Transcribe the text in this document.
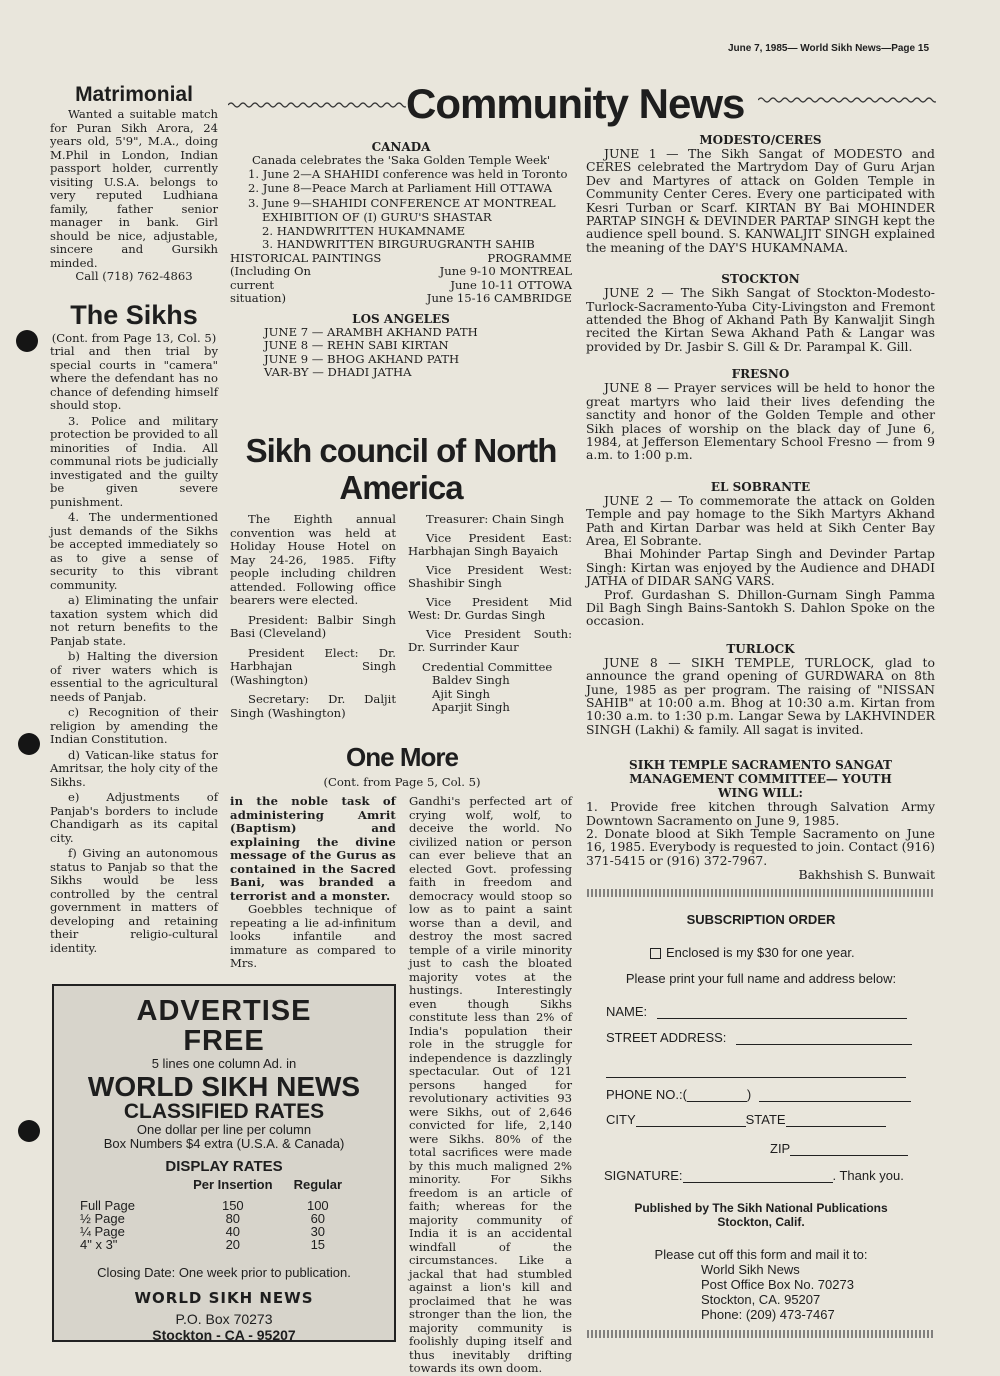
June 7, 1985— World Sikh News—Page 15
Community News
Matrimonial

Wanted a suitable match for Puran Sikh Arora, 24 years old, 5'9", M.A., doing M.Phil in London, Indian passport holder, currently visiting U.S.A. belongs to very reputed Ludhiana family, father senior manager in bank. Girl should be nice, adjustable, sincere and Gursikh minded.

Call (718) 762-4863

The Sikhs

(Cont. from Page 13, Col. 5)

trial and then trial by special courts in "camera" where the defendant has no chance of defending himself should stop.

3. Police and military protection be provided to all minorities of India. All communal riots be judicially investigated and the guilty be given severe punishment.

4. The undermentioned just demands of the Sikhs be accepted immediately so as to give a sense of security to this vibrant community.

a) Eliminating the unfair taxation system which did not return benefits to the Panjab state.

b) Halting the diversion of river waters which is essential to the agricultural needs of Panjab.

c) Recognition of their religion by amending the Indian Constitution.

d) Vatican-like status for Amritsar, the holy city of the Sikhs.

e) Adjustments of Panjab's borders to include Chandigarh as its capital city.

f) Giving an autonomous status to Panjab so that the Sikhs would be less controlled by the central government in matters of developing and retaining their religio-cultural identity.

CANADA

Canada celebrates the 'Saka Golden Temple Week'

1. June 2—A SHAHIDI conference was held in Toronto

2. June 8—Peace March at Parliament Hill OTTAWA

3. June 9—SHAHIDI CONFERENCE AT MONTREAL

EXHIBITION OF (I) GURU'S SHASTAR

2. HANDWRITTEN HUKAMNAME

3. HANDWRITTEN BIRGURUGRANTH SAHIB

HISTORICAL PAINTINGS	PROGRAMME
(Including On current situation)
June 9-10 MONTREAL
June 10-11 OTTOWA
June 15-16 CAMBRIDGE
LOS ANGELES
JUNE 7 — ARAMBH AKHAND PATH
JUNE 8 — REHN SABI KIRTAN
JUNE 9 — BHOG AKHAND PATH
VAR-BY — DHADI JATHA
Sikh council of North America

The Eighth annual convention was held at Holiday House Hotel on May 24-26, 1985. Fifty people including children attended. Following office bearers were elected.

President: Balbir Singh Basi (Cleveland)

President Elect: Dr. Harbhajan Singh (Washington)

Secretary: Dr. Daljit Singh (Washington)

Treasurer: Chain Singh

Vice President East: Harbhajan Singh Bayaich

Vice President West: Shashibir Singh

Vice President Mid West: Dr. Gurdas Singh

Vice President South: Dr. Surrinder Kaur

Credential Committee

Baldev Singh
Ajit Singh
Aparjit Singh
One More
(Cont. from Page 5, Col. 5)

in the noble task of administering Amrit (Baptism) and explaining the divine message of the Gurus as contained in the Sacred Bani, was branded a terrorist and a monster.

Goebbles technique of repeating a lie ad-infinitum looks infantile and immature as compared to Mrs.

Gandhi's perfected art of crying wolf, wolf, to deceive the world. No civilized nation or person can ever believe that an elected Govt. professing faith in freedom and democracy would stoop so low as to paint a saint worse than a devil, and destroy the most sacred temple of a virile minority just to cash the bloated majority votes at the hustings. Interestingly even though Sikhs constitute less than 2% of India's population their role in the struggle for independence is dazzlingly spectacular. Out of 121 persons hanged for revolutionary activities 93 were Sikhs, out of 2,646 convicted for life, 2,140 were Sikhs. 80% of the total sacrifices were made by this much maligned 2% minority. For Sikhs freedom is an article of faith; whereas for the majority community of India it is an accidental windfall of the circumstances. Like a jackal that had stumbled against a lion's kill and proclaimed that he was stronger than the lion, the majority community is foolishly duping itself and thus inevitably drifting towards its own doom.

ADVERTISE
FREE
5 lines one column Ad. in
WORLD SIKH NEWS
CLASSIFIED RATES
One dollar per line per column
Box Numbers $4 extra (U.S.A. & Canada)
DISPLAY RATES
	Per Insertion	Regular
Full Page	150	100
½ Page	80	60
¼ Page	40	30
4" x 3"	20	15
Closing Date: One week prior to publication.
WORLD SIKH NEWS
P.O. Box 70273
Stockton - CA - 95207
MODESTO/CERES

JUNE 1 — The Sikh Sangat of MODESTO and CERES celebrated the Martrydom Day of Guru Arjan Dev and Martyres of attack on Golden Temple in Community Center Ceres. Every one participated with Kesri Turban or Scarf. KIRTAN BY Bai MOHINDER PARTAP SINGH & DEVINDER PARTAP SINGH kept the audience spell bound. S. KANWALJIT SINGH explained the meaning of the DAY'S HUKAMNAMA.

STOCKTON

JUNE 2 — The Sikh Sangat of Stockton-Modesto-Turlock-Sacramento-Yuba City-Livingston and Fremont attended the Bhog of Akhand Path By Kanwaljit Singh recited the Kirtan Sewa Akhand Path & Langar was provided by Dr. Jasbir S. Gill & Dr. Parampal K. Gill.

FRESNO

JUNE 8 — Prayer services will be held to honor the great martyrs who laid their lives defending the sanctity and honor of the Golden Temple and other Sikh places of worship on the black day of June 6, 1984, at Jefferson Elementary School Fresno — from 9 a.m. to 1:00 p.m.

EL SOBRANTE

JUNE 2 — To commemorate the attack on Golden Temple and pay homage to the Sikh Martyrs Akhand Path and Kirtan Darbar was held at Sikh Center Bay Area, El Sobrante.

Bhai Mohinder Partap Singh and Devinder Partap Singh: Kirtan was enjoyed by the Audience and DHADI JATHA of DIDAR SANG VARS.

Prof. Gurdashan S. Dhillon-Gurnam Singh Pamma Dil Bagh Singh Bains-Santokh S. Dahlon Spoke on the occasion.

TURLOCK

JUNE 8 — SIKH TEMPLE, TURLOCK, glad to announce the grand opening of GURDWARA on 8th June, 1985 as per program. The raising of "NISSAN SAHIB" at 10:00 a.m. Bhog at 10:30 a.m. Kirtan from 10:30 a.m. to 1:30 p.m. Langar Sewa by LAKHVINDER SINGH (Lakhi) & family. All sagat is invited.

SIKH TEMPLE SACRAMENTO SANGAT MANAGEMENT COMMITTEE— YOUTH WING WILL:

1. Provide free kitchen through Salvation Army Downtown Sacramento on June 9, 1985.

2. Donate blood at Sikh Temple Sacramento on June 16, 1985. Everybody is requested to join. Contact (916) 371-5415 or (916) 372-7967.

Bakhshish S. Bunwait

SUBSCRIPTION ORDER
Enclosed is my $30 for one year.
Please print your full name and address below:
NAME:
STREET ADDRESS:
PHONE NO.:(	)
CITY	STATE
ZIP
SIGNATURE:	. Thank you.
Published by The Sikh National Publications
Stockton, Calif.
Please cut off this form and mail it to:
World Sikh News
Post Office Box No. 70273
Stockton, CA. 95207
Phone: (209) 473-7467
